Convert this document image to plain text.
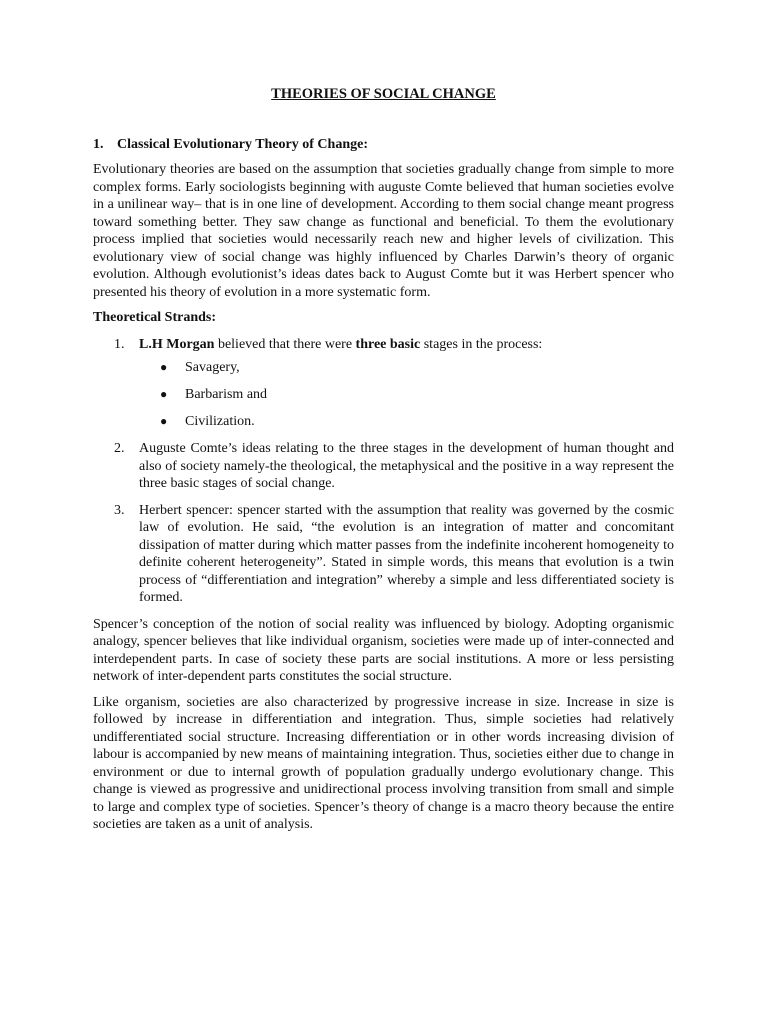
THEORIES OF SOCIAL CHANGE
1. Classical Evolutionary Theory of Change:

Evolutionary theories are based on the assumption that societies gradually change from simple to more complex forms. Early sociologists beginning with auguste Comte believed that human societies evolve in a unilinear way– that is in one line of development. According to them social change meant progress toward something better. They saw change as functional and beneficial. To them the evolutionary process implied that societies would necessarily reach new and higher levels of civilization. This evolutionary view of social change was highly influenced by Charles Darwin’s theory of organic evolution. Although evolutionist’s ideas dates back to August Comte but it was Herbert spencer who presented his theory of evolution in a more systematic form.

Theoretical Strands:
1. L.H Morgan believed that there were three basic stages in the process:
● Savagery,
● Barbarism and
● Civilization.
2. Auguste Comte’s ideas relating to the three stages in the development of human thought and also of society namely-the theological, the metaphysical and the positive in a way represent the three basic stages of social change.
3. Herbert spencer: spencer started with the assumption that reality was governed by the cosmic law of evolution. He said, “the evolution is an integration of matter and concomitant dissipation of matter during which matter passes from the indefinite incoherent homogeneity to definite coherent heterogeneity”. Stated in simple words, this means that evolution is a twin process of “differentiation and integration” whereby a simple and less differentiated society is formed.

Spencer’s conception of the notion of social reality was influenced by biology. Adopting organismic analogy, spencer believes that like individual organism, societies were made up of inter-connected and interdependent parts. In case of society these parts are social institutions. A more or less persisting network of inter-dependent parts constitutes the social structure.

Like organism, societies are also characterized by progressive increase in size. Increase in size is followed by increase in differentiation and integration. Thus, simple societies had relatively undifferentiated social structure. Increasing differentiation or in other words increasing division of labour is accompanied by new means of maintaining integration. Thus, societies either due to change in environment or due to internal growth of population gradually undergo evolutionary change. This change is viewed as progressive and unidirectional process involving transition from small and simple to large and complex type of societies. Spencer’s theory of change is a macro theory because the entire societies are taken as a unit of analysis.
